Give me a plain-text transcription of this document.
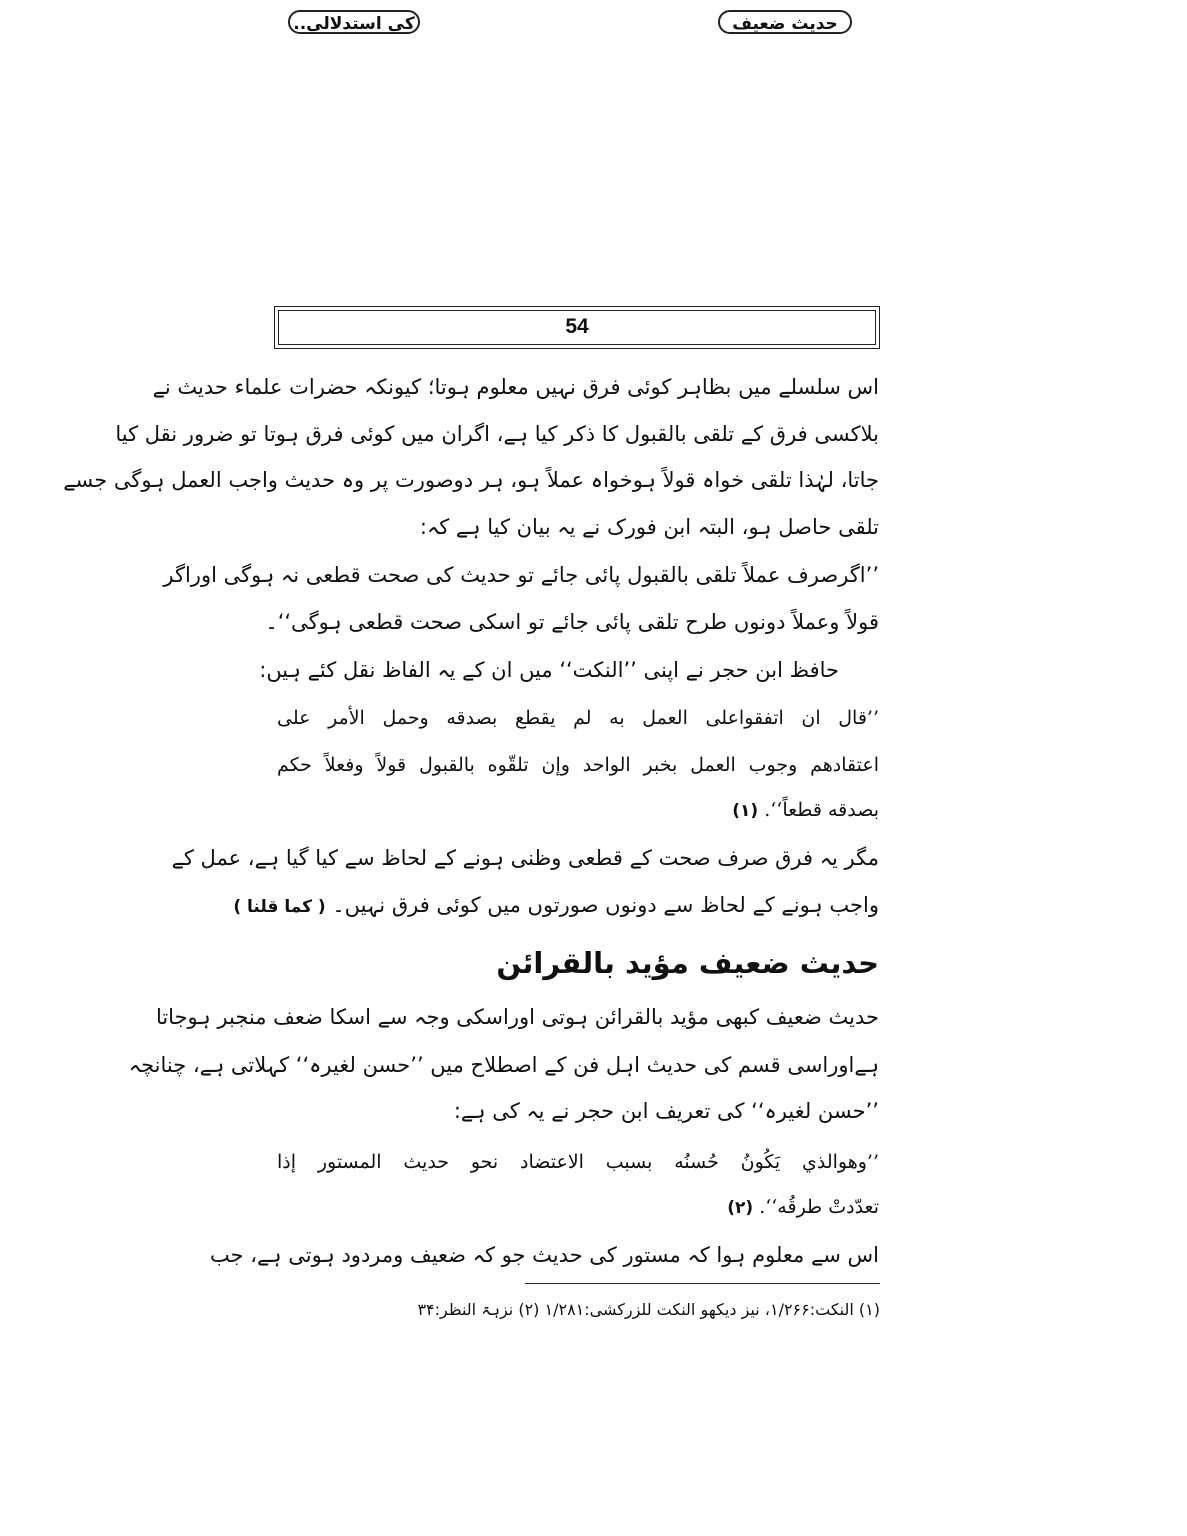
حدیث ضعیف
54
کی استدلالی..
اس سلسلے میں بظاہر کوئی فرق نہیں معلوم ہوتا؛ کیونکہ حضرات علماء حدیث نے
بلاکسی فرق کے تلقی بالقبول کا ذکر کیا ہے، اگران میں کوئی فرق ہوتا تو ضرور نقل کیا
جاتا، لہٰذا تلقی خواہ قولاً ہوخواہ عملاً ہو، ہر دوصورت پر وہ حدیث واجب العمل ہوگی جسے
تلقی حاصل ہو، البتہ ابن فورک نے یہ بیان کیا ہے کہ:
’’اگرصرف عملاً تلقی بالقبول پائی جائے تو حدیث کی صحت قطعی نہ ہوگی اوراگر
قولاً وعملاً دونوں طرح تلقی پائی جائے تو اسکی صحت قطعی ہوگی‘‘۔
حافظ ابن حجر نے اپنی ’’النکت‘‘ میں ان کے یہ الفاظ نقل کئے ہیں:
’’قال ان اتفقواعلی العمل به لم یقطع بصدقه وحمل الأمر علی
اعتقادهم وجوب العمل بخبر الواحد وإن تلقّوه بالقبول قولاً وفعلاً حکم
بصدقه قطعاً‘‘. (۱)
مگر یہ فرق صرف صحت کے قطعی وظنی ہونے کے لحاظ سے کیا گیا ہے، عمل کے
واجب ہونے کے لحاظ سے دونوں صورتوں میں کوئی فرق نہیں۔ ( کما قلنا )
حدیث ضعیف مؤید بالقرائن
حدیث ضعیف کبھی مؤید بالقرائن ہوتی اوراسکی وجہ سے اسکا ضعف منجبر ہوجاتا
ہےاوراسی قسم کی حدیث اہل فن کے اصطلاح میں ’’حسن لغیرہ‘‘ کہلاتی ہے، چنانچہ
’’حسن لغیرہ‘‘ کی تعریف ابن حجر نے یہ کی ہے:
’’وهوالذي یَکُونُ حُسنُه بسبب الاعتضاد نحو حدیث المستور إذا
تعدّدتْ طرقُه‘‘. (۲)
اس سے معلوم ہوا کہ مستور کی حدیث جو کہ ضعیف ومردود ہوتی ہے، جب
(۱) النکت:۱/۲۶۶، نیز دیکھو النکت للزرکشی:۱/۲۸۱ (۲) نزہۃ النظر:۳۴
